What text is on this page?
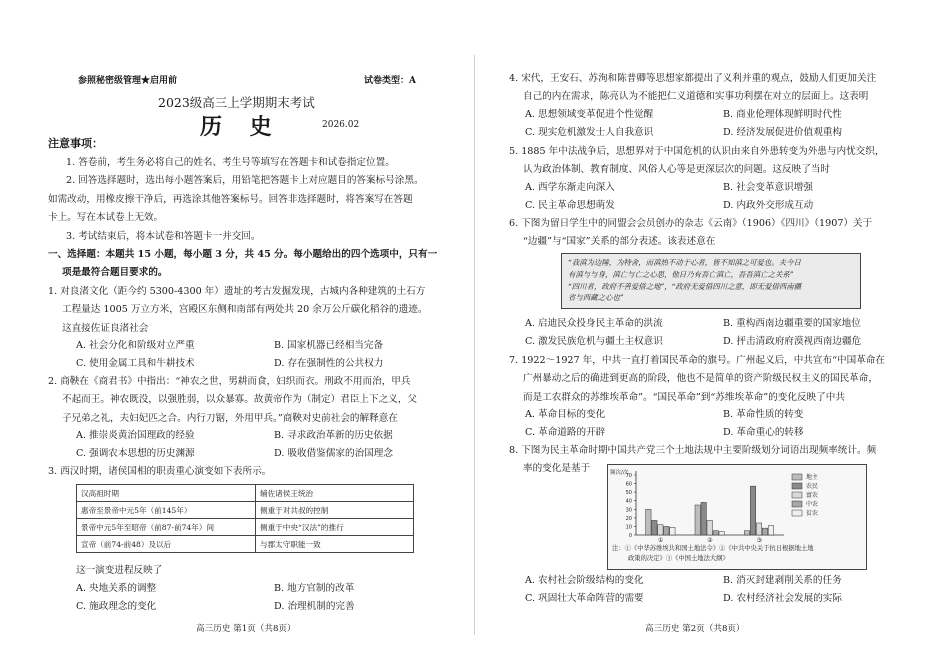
参照秘密级管理★启用前	试卷类型：A
2023级高三上学期期末考试
历 史	2026.02
注意事项：

1. 答卷前，考生务必将自己的姓名、考生号等填写在答题卡和试卷指定位置。

2. 回答选择题时，选出每小题答案后，用铅笔把答题卡上对应题目的答案标号涂黑。

如需改动，用橡皮擦干净后，再选涂其他答案标号。回答非选择题时，将答案写在答题

卡上。写在本试卷上无效。

3. 考试结束后，将本试卷和答题卡一并交回。

一、选择题：本题共 15 小题，每小题 3 分，共 45 分。每小题给出的四个选项中，只有一

项是最符合题目要求的。

1. 对良渚文化（距今约 5300-4300 年）遗址的考古发掘发现，古城内各种建筑的土石方

工程量达 1005 万立方米，宫殿区东侧和南部有两处共 20 余万公斤碳化稻谷的遗迹。

这直接佐证良渚社会

A. 社会分化和阶级对立严重	B. 国家机器已经相当完备
C. 使用金属工具和牛耕技术	D. 存在强制性的公共权力

2. 商鞅在《商君书》中指出：“神农之世，男耕而食，妇织而衣。刑政不用而治，甲兵

不起而王。神农既没，以强胜弱，以众暴寡。故黄帝作为（制定）君臣上下之义，父

子兄弟之礼，夫妇妃匹之合。内行刀锯，外用甲兵。”商鞅对史前社会的解释意在

A. 推崇炎黄治国理政的经验	B. 寻求政治革新的历史依据
C. 强调农本思想的历史渊源	D. 吸收借鉴儒家的治国理念
3. 西汉时期，诸侯国相的职责重心演变如下表所示。
汉高祖时期	辅佐诸侯王统治
惠帝至景帝中元5年（前145年）	侧重于对共叔的控制
景帝中元5年至昭帝（前87-前74年）间	侧重于中央“汉法”的推行
宣帝（前74-前48）及以后	与郡太守职能一致
这一演变进程反映了
A. 央地关系的调整	B. 地方官制的改革
C. 施政理念的变化	D. 治理机制的完善
高三历史 第1页（共8页）

4. 宋代，王安石、苏洵和陈普卿等思想家都提出了义利并重的观点，鼓励人们更加关注

自己的内在需求，陈亮认为不能把仁义道德和实事功利摆在对立的层面上。这表明

A. 思想领域变革促进个性觉醒	B. 商业伦理体现鲜明时代性
C. 现实危机激发士人自我意识	D. 经济发展促进价值观重构

5. 1885 年中法战争后，思想界对于中国危机的认识由来自外患转变为外患与内忧交织，

认为政治体制、教育制度、风俗人心等是更深层次的问题。这反映了当时

A. 西学东渐走向深入	B. 社会变革意识增强
C. 民主革命思想萌发	D. 内政外交形成互动

6. 下图为留日学生中的同盟会会员创办的杂志《云南》（1906）《四川》（1907）关于

“边疆”与“国家”关系的部分表述。该表述意在

“我滇为边陲，为特舍，而滇热不动于心者，皆不知滇之可爱也。夫今日

有滇与与身，滇亡与亡之心思，他日乃有吾亡滇亡，吾吾滇亡之关系”

“四川者，政府不善爱借之地”，“政府无爱借四川之意，即无爱借西南疆

省与西藏之心也”

A. 启迪民众投身民主革命的洪流	B. 重构西南边疆重要的国家地位
C. 激发民族危机与疆土主权意识	D. 抨击清政府府漠视西南边疆危

7. 1922～1927 年，中共一直打着国民革命的旗号。广州起义后，中共宣布“中国革命在

广州暴动之后的确进到更高的阶段，他也不是简单的资产阶级民权主义的国民革命，

而是工农群众的苏维埃革命”。“国民革命”到“苏维埃革命”的变化反映了中共

A. 革命目标的变化	B. 革命性质的转变
C. 革命道路的开辟	D. 革命重心的转移

8. 下图为民主革命时期中国共产党三个土地法规中主要阶级划分词语出现频率统计。频

率的变化是基于	频次/次
0
10
20
30
40
50
60
70
①	②	③
地主
农民
富农
中农
贫农
注：①《中华苏维埃共和国土地法令》②《中共中央关于抗日根据地土地
政策的决定》③《中国土地法大纲》
A. 农村社会阶级结构的变化	B. 消灭封建剥削关系的任务
C. 巩固壮大革命阵营的需要	D. 农村经济社会发展的实际
高三历史 第2页（共8页）
